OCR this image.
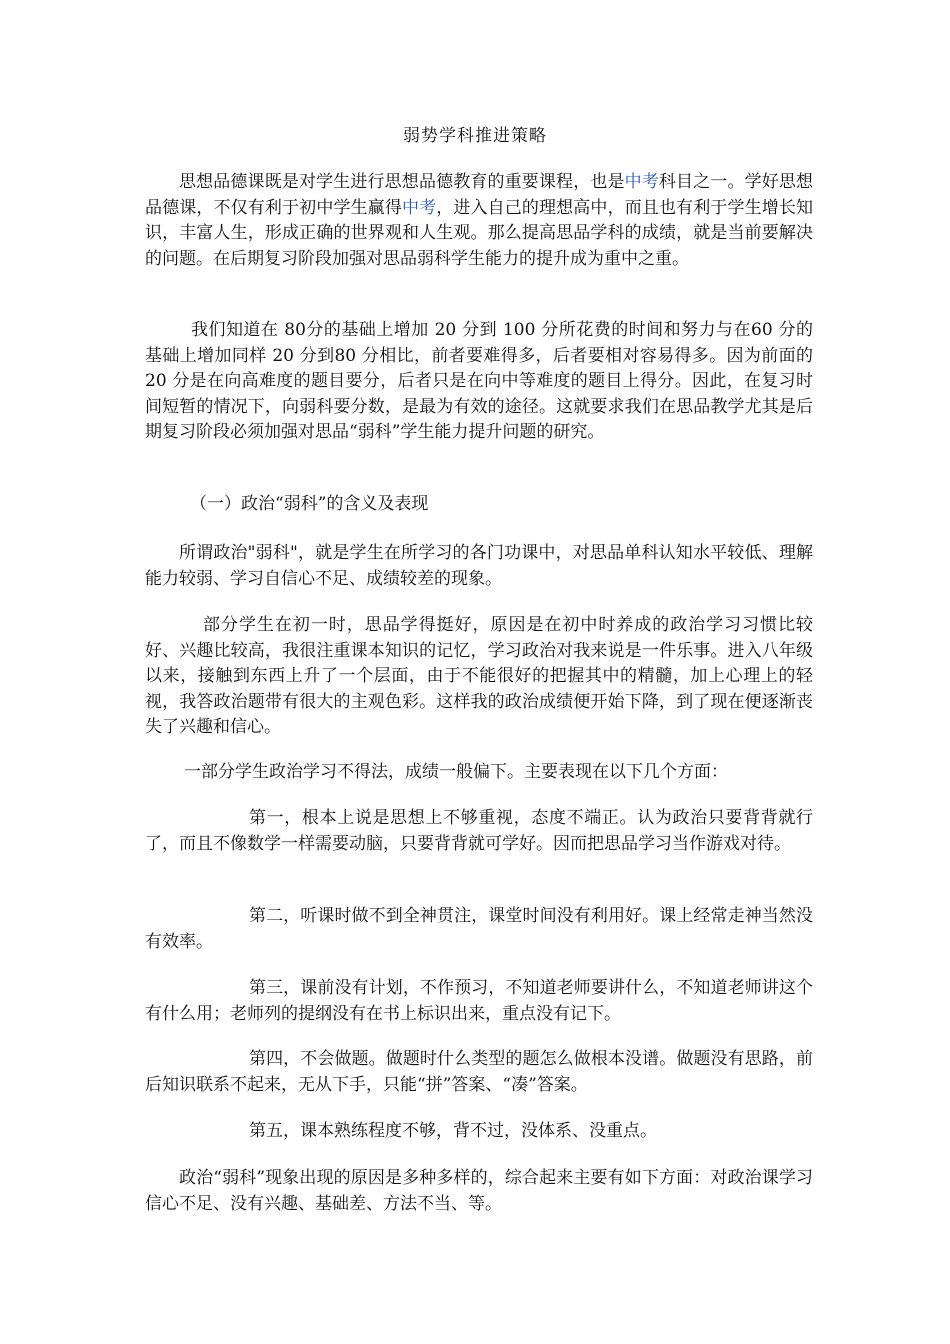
弱势学科推进策略

思想品德课既是对学生进行思想品德教育的重要课程，也是中考科目之一。学好思想品德课，不仅有利于初中学生赢得中考，进入自己的理想高中，而且也有利于学生增长知识，丰富人生，形成正确的世界观和人生观。那么提高思品学科的成绩，就是当前要解决的问题。在后期复习阶段加强对思品弱科学生能力的提升成为重中之重。

我们知道在 80分的基础上增加 20 分到 100 分所花费的时间和努力与在60 分的基础上增加同样 20 分到80 分相比，前者要难得多，后者要相对容易得多。因为前面的 20 分是在向高难度的题目要分，后者只是在向中等难度的题目上得分。因此，在复习时间短暂的情况下，向弱科要分数，是最为有效的途径。这就要求我们在思品教学尤其是后期复习阶段必须加强对思品“弱科”学生能力提升问题的研究。

（一）政治“弱科”的含义及表现

所谓政治"弱科"，就是学生在所学习的各门功课中，对思品单科认知水平较低、理解能力较弱、学习自信心不足、成绩较差的现象。

部分学生在初一时，思品学得挺好，原因是在初中时养成的政治学习习惯比较好、兴趣比较高，我很注重课本知识的记忆，学习政治对我来说是一件乐事。进入八年级以来，接触到东西上升了一个层面，由于不能很好的把握其中的精髓，加上心理上的轻视，我答政治题带有很大的主观色彩。这样我的政治成绩便开始下降，到了现在便逐渐丧失了兴趣和信心。

一部分学生政治学习不得法，成绩一般偏下。主要表现在以下几个方面：

第一，根本上说是思想上不够重视，态度不端正。认为政治只要背背就行了，而且不像数学一样需要动脑，只要背背就可学好。因而把思品学习当作游戏对待。

第二，听课时做不到全神贯注，课堂时间没有利用好。课上经常走神当然没有效率。

第三，课前没有计划，不作预习，不知道老师要讲什么，不知道老师讲这个有什么用；老师列的提纲没有在书上标识出来，重点没有记下。

第四，不会做题。做题时什么类型的题怎么做根本没谱。做题没有思路，前后知识联系不起来，无从下手，只能“拼”答案、“凑”答案。

第五，课本熟练程度不够，背不过，没体系、没重点。

政治“弱科”现象出现的原因是多种多样的，综合起来主要有如下方面：对政治课学习信心不足、没有兴趣、基础差、方法不当、等。
